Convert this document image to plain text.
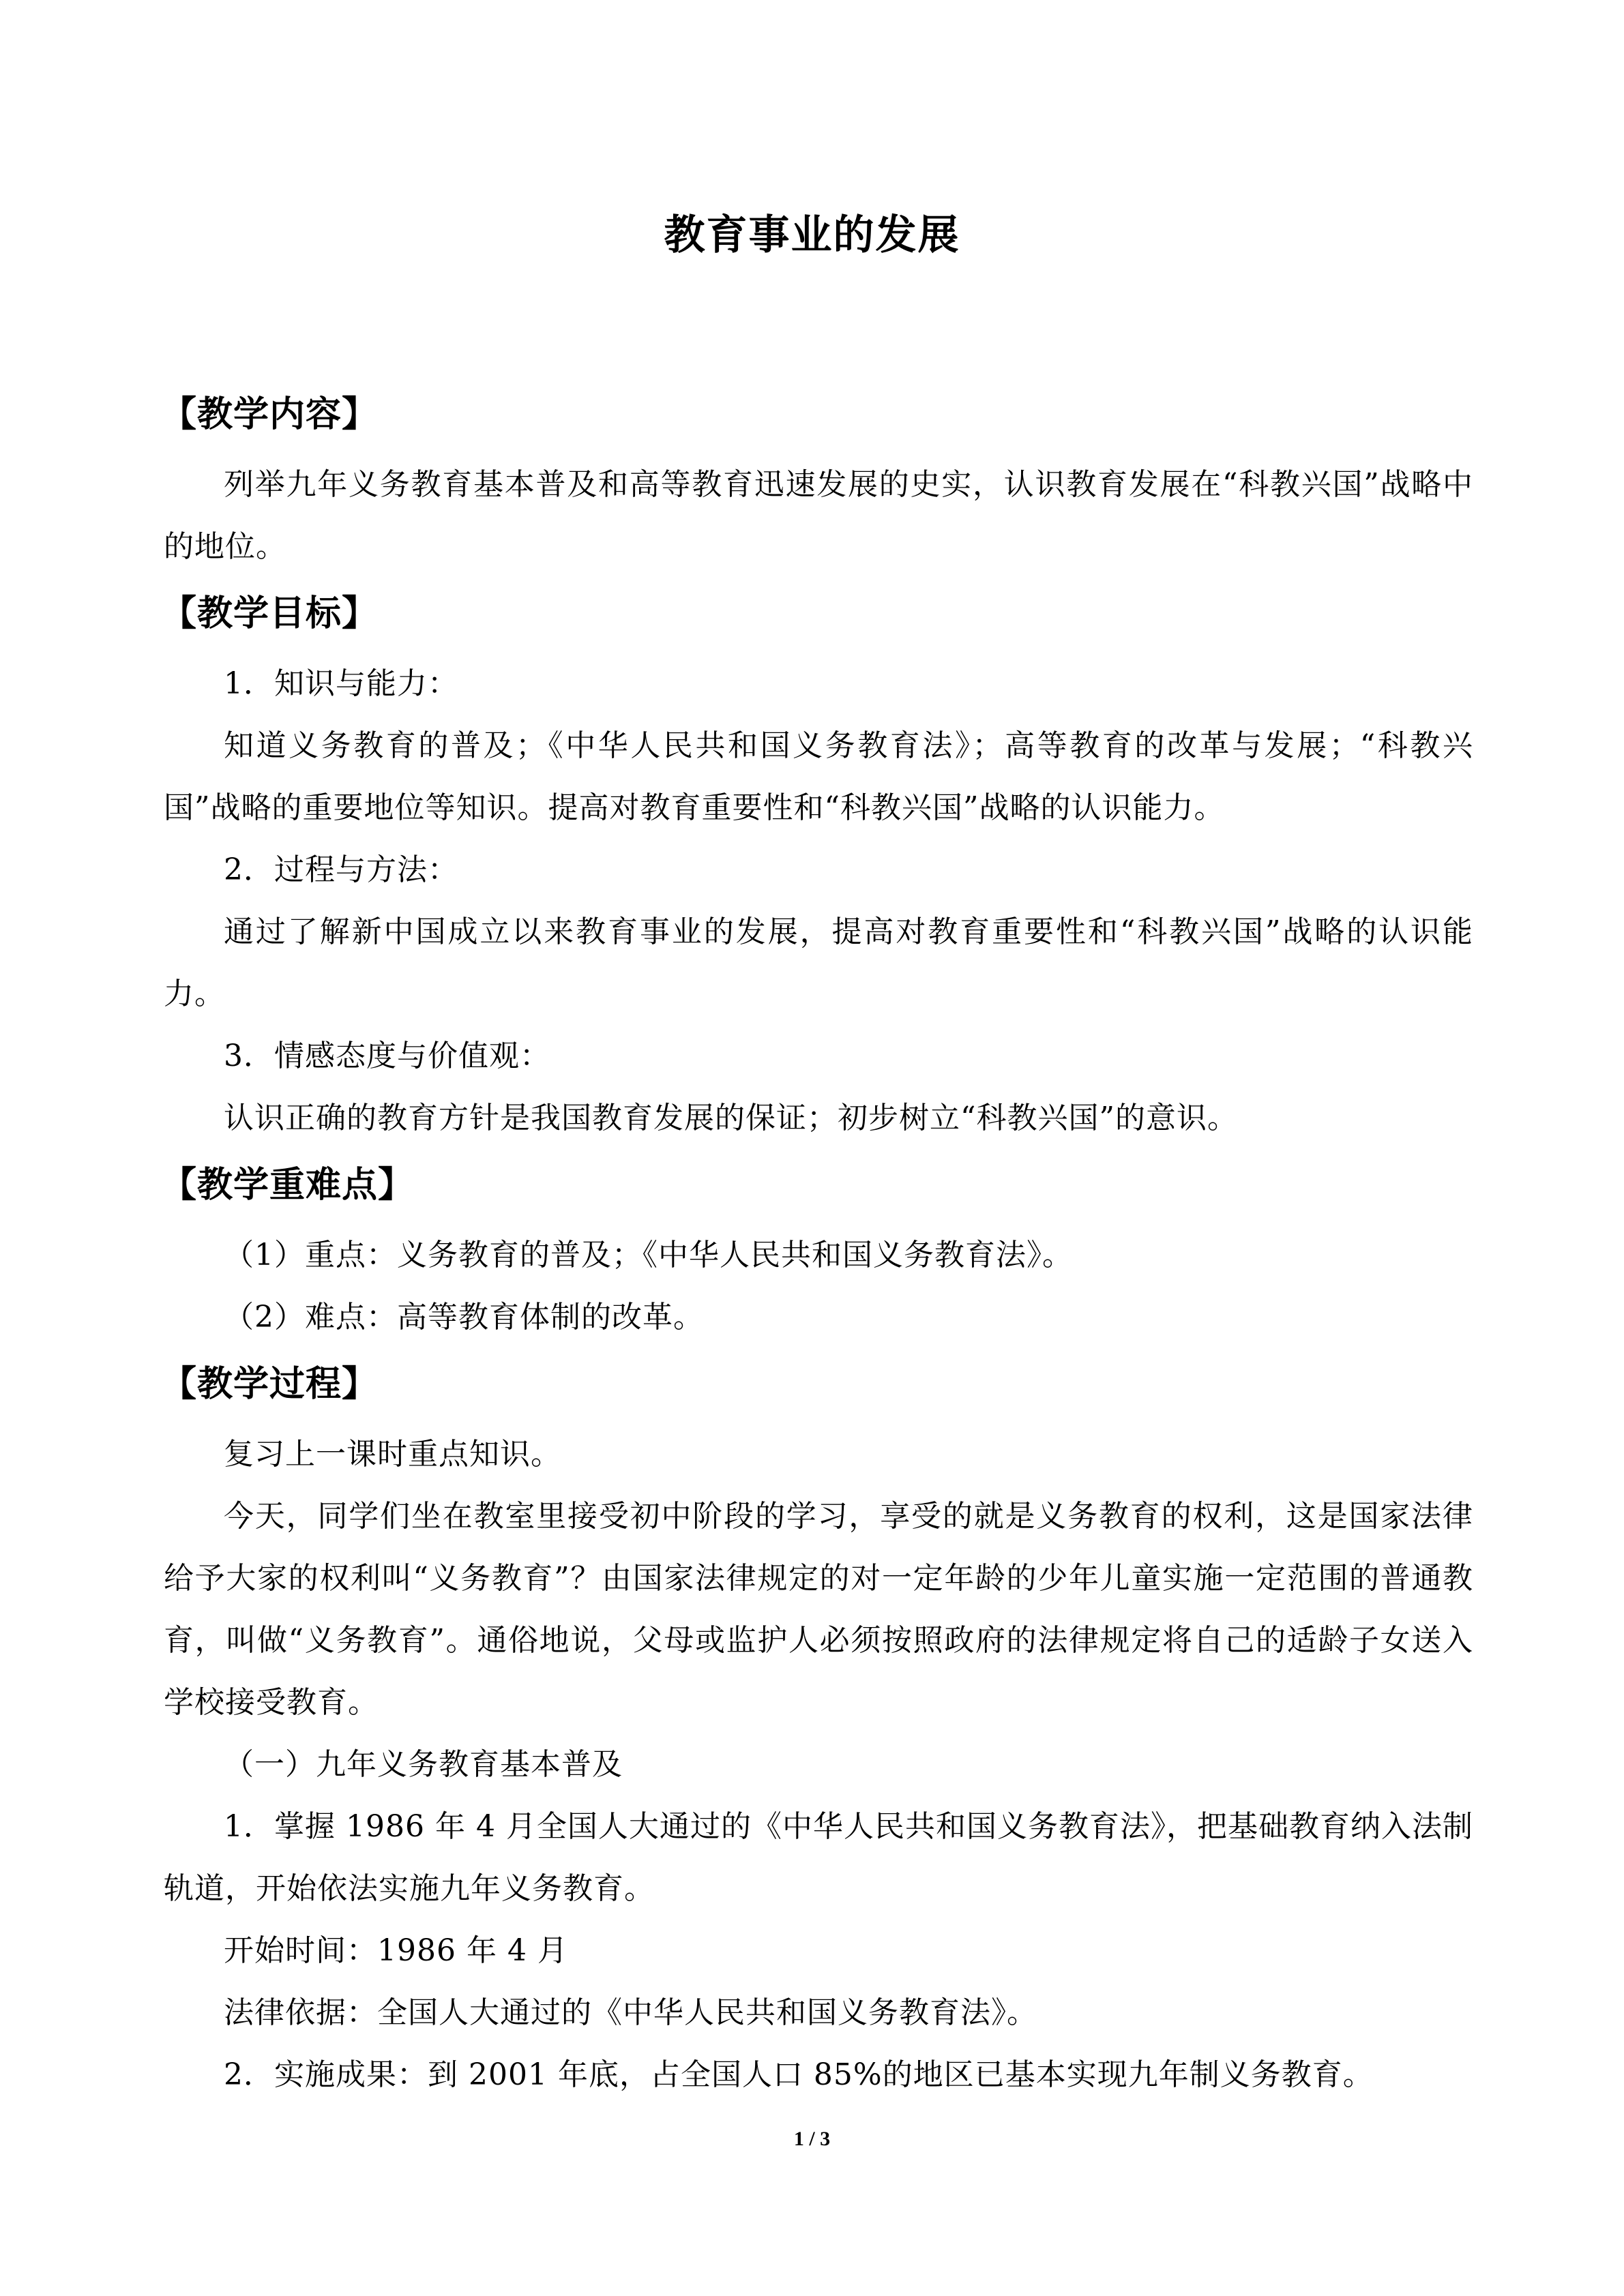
教育事业的发展
【教学内容】

列举九年义务教育基本普及和高等教育迅速发展的史实，认识教育发展在“科教兴国”战略中的地位。

【教学目标】

1．知识与能力：

知道义务教育的普及；《中华人民共和国义务教育法》；高等教育的改革与发展；“科教兴国”战略的重要地位等知识。提高对教育重要性和“科教兴国”战略的认识能力。

2．过程与方法：

通过了解新中国成立以来教育事业的发展，提高对教育重要性和“科教兴国”战略的认识能力。

3．情感态度与价值观：

认识正确的教育方针是我国教育发展的保证；初步树立“科教兴国”的意识。

【教学重难点】

（1）重点：义务教育的普及；《中华人民共和国义务教育法》。

（2）难点：高等教育体制的改革。

【教学过程】

复习上一课时重点知识。

今天，同学们坐在教室里接受初中阶段的学习，享受的就是义务教育的权利，这是国家法律给予大家的权利叫“义务教育”？由国家法律规定的对一定年龄的少年儿童实施一定范围的普通教育，叫做“义务教育”。通俗地说，父母或监护人必须按照政府的法律规定将自己的适龄子女送入学校接受教育。

（一）九年义务教育基本普及

1．掌握 1986 年 4 月全国人大通过的《中华人民共和国义务教育法》，把基础教育纳入法制轨道，开始依法实施九年义务教育。

开始时间：1986 年 4 月

法律依据：全国人大通过的《中华人民共和国义务教育法》。

2．实施成果：到 2001 年底，占全国人口 85%的地区已基本实现九年制义务教育。

1 / 3
